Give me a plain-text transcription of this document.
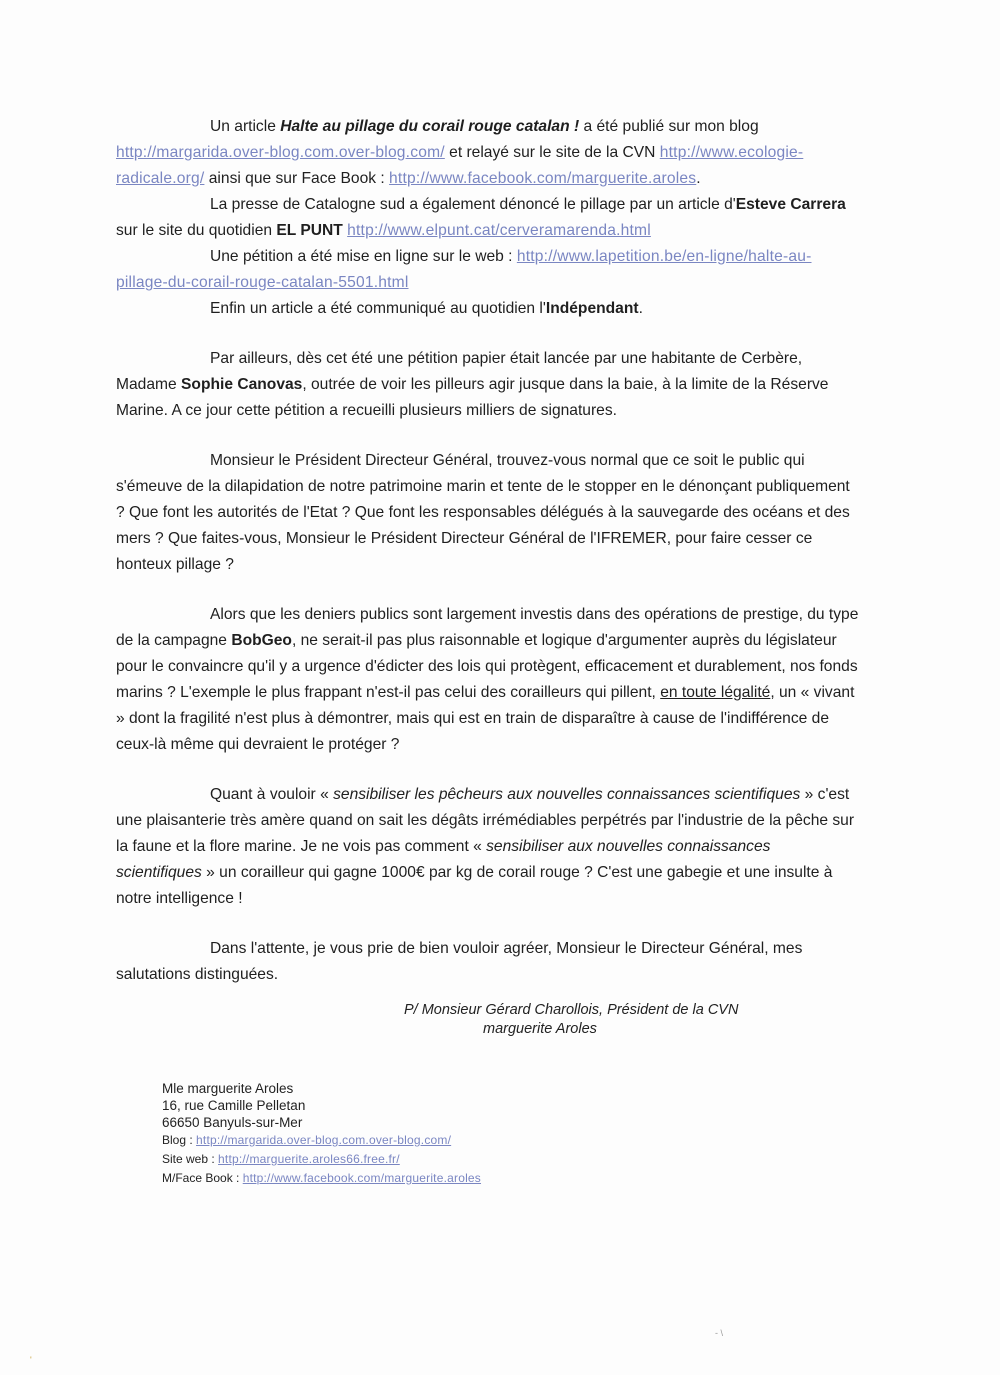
Un article Halte au pillage du corail rouge catalan ! a été publié sur mon blog http://margarida.over-blog.com.over-blog.com/ et relayé sur le site de la CVN http://www.ecologie-radicale.org/ ainsi que sur Face Book : http://www.facebook.com/marguerite.aroles.

La presse de Catalogne sud a également dénoncé le pillage par un article d'Esteve Carrera sur le site du quotidien EL PUNT http://www.elpunt.cat/cerveramarenda.html

Une pétition a été mise en ligne sur le web : http://www.lapetition.be/en-ligne/halte-au-pillage-du-corail-rouge-catalan-5501.html

Enfin un article a été communiqué au quotidien l'Indépendant.

Par ailleurs, dès cet été une pétition papier était lancée par une habitante de Cerbère, Madame Sophie Canovas, outrée de voir les pilleurs agir jusque dans la baie, à la limite de la Réserve Marine. A ce jour cette pétition a recueilli plusieurs milliers de signatures.

Monsieur le Président Directeur Général, trouvez-vous normal que ce soit le public qui s'émeuve de la dilapidation de notre patrimoine marin et tente de le stopper en le dénonçant publiquement ? Que font les autorités de l'Etat ? Que font les responsables délégués à la sauvegarde des océans et des mers ? Que faites-vous, Monsieur le Président Directeur Général de l'IFREMER, pour faire cesser ce honteux pillage ?

Alors que les deniers publics sont largement investis dans des opérations de prestige, du type de la campagne BobGeo, ne serait-il pas plus raisonnable et logique d'argumenter auprès du législateur pour le convaincre qu'il y a urgence d'édicter des lois qui protègent, efficacement et durablement, nos fonds marins ? L'exemple le plus frappant n'est-il pas celui des corailleurs qui pillent, en toute légalité, un « vivant » dont la fragilité n'est plus à démontrer, mais qui est en train de disparaître à cause de l'indifférence de ceux-là même qui devraient le protéger ?

Quant à vouloir « sensibiliser les pêcheurs aux nouvelles connaissances scientifiques » c'est une plaisanterie très amère quand on sait les dégâts irrémédiables perpétrés par l'industrie de la pêche sur la faune et la flore marine. Je ne vois pas comment « sensibiliser aux nouvelles connaissances scientifiques » un corailleur qui gagne 1000€ par kg de corail rouge ? C'est une gabegie et une insulte à notre intelligence !

Dans l'attente, je vous prie de bien vouloir agréer, Monsieur le Directeur Général, mes salutations distinguées.

P/ Monsieur Gérard Charollois, Président de la CVN
marguerite Aroles
Mle marguerite Aroles
16, rue Camille Pelletan
66650 Banyuls-sur-Mer
Blog : http://margarida.over-blog.com.over-blog.com/
Site web : http://marguerite.aroles66.free.fr/
M/Face Book : http://www.facebook.com/marguerite.aroles
- \
'
